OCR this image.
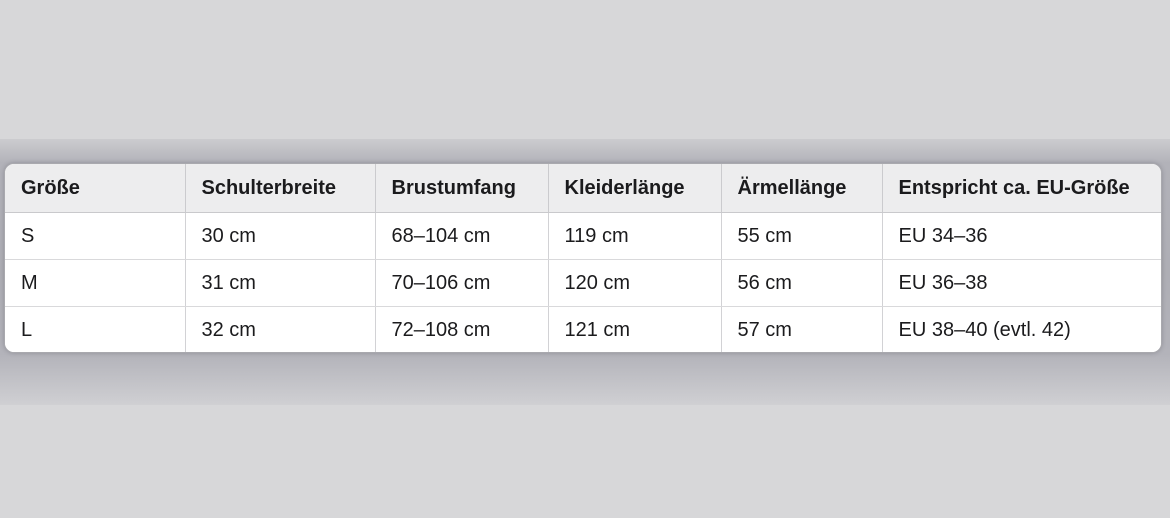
Größe	Schulterbreite	Brustumfang	Kleiderlänge	Ärmellänge	Entspricht ca. EU-Größe
S	30 cm	68–104 cm	119 cm	55 cm	EU 34–36
M	31 cm	70–106 cm	120 cm	56 cm	EU 36–38
L	32 cm	72–108 cm	121 cm	57 cm	EU 38–40 (evtl. 42)
